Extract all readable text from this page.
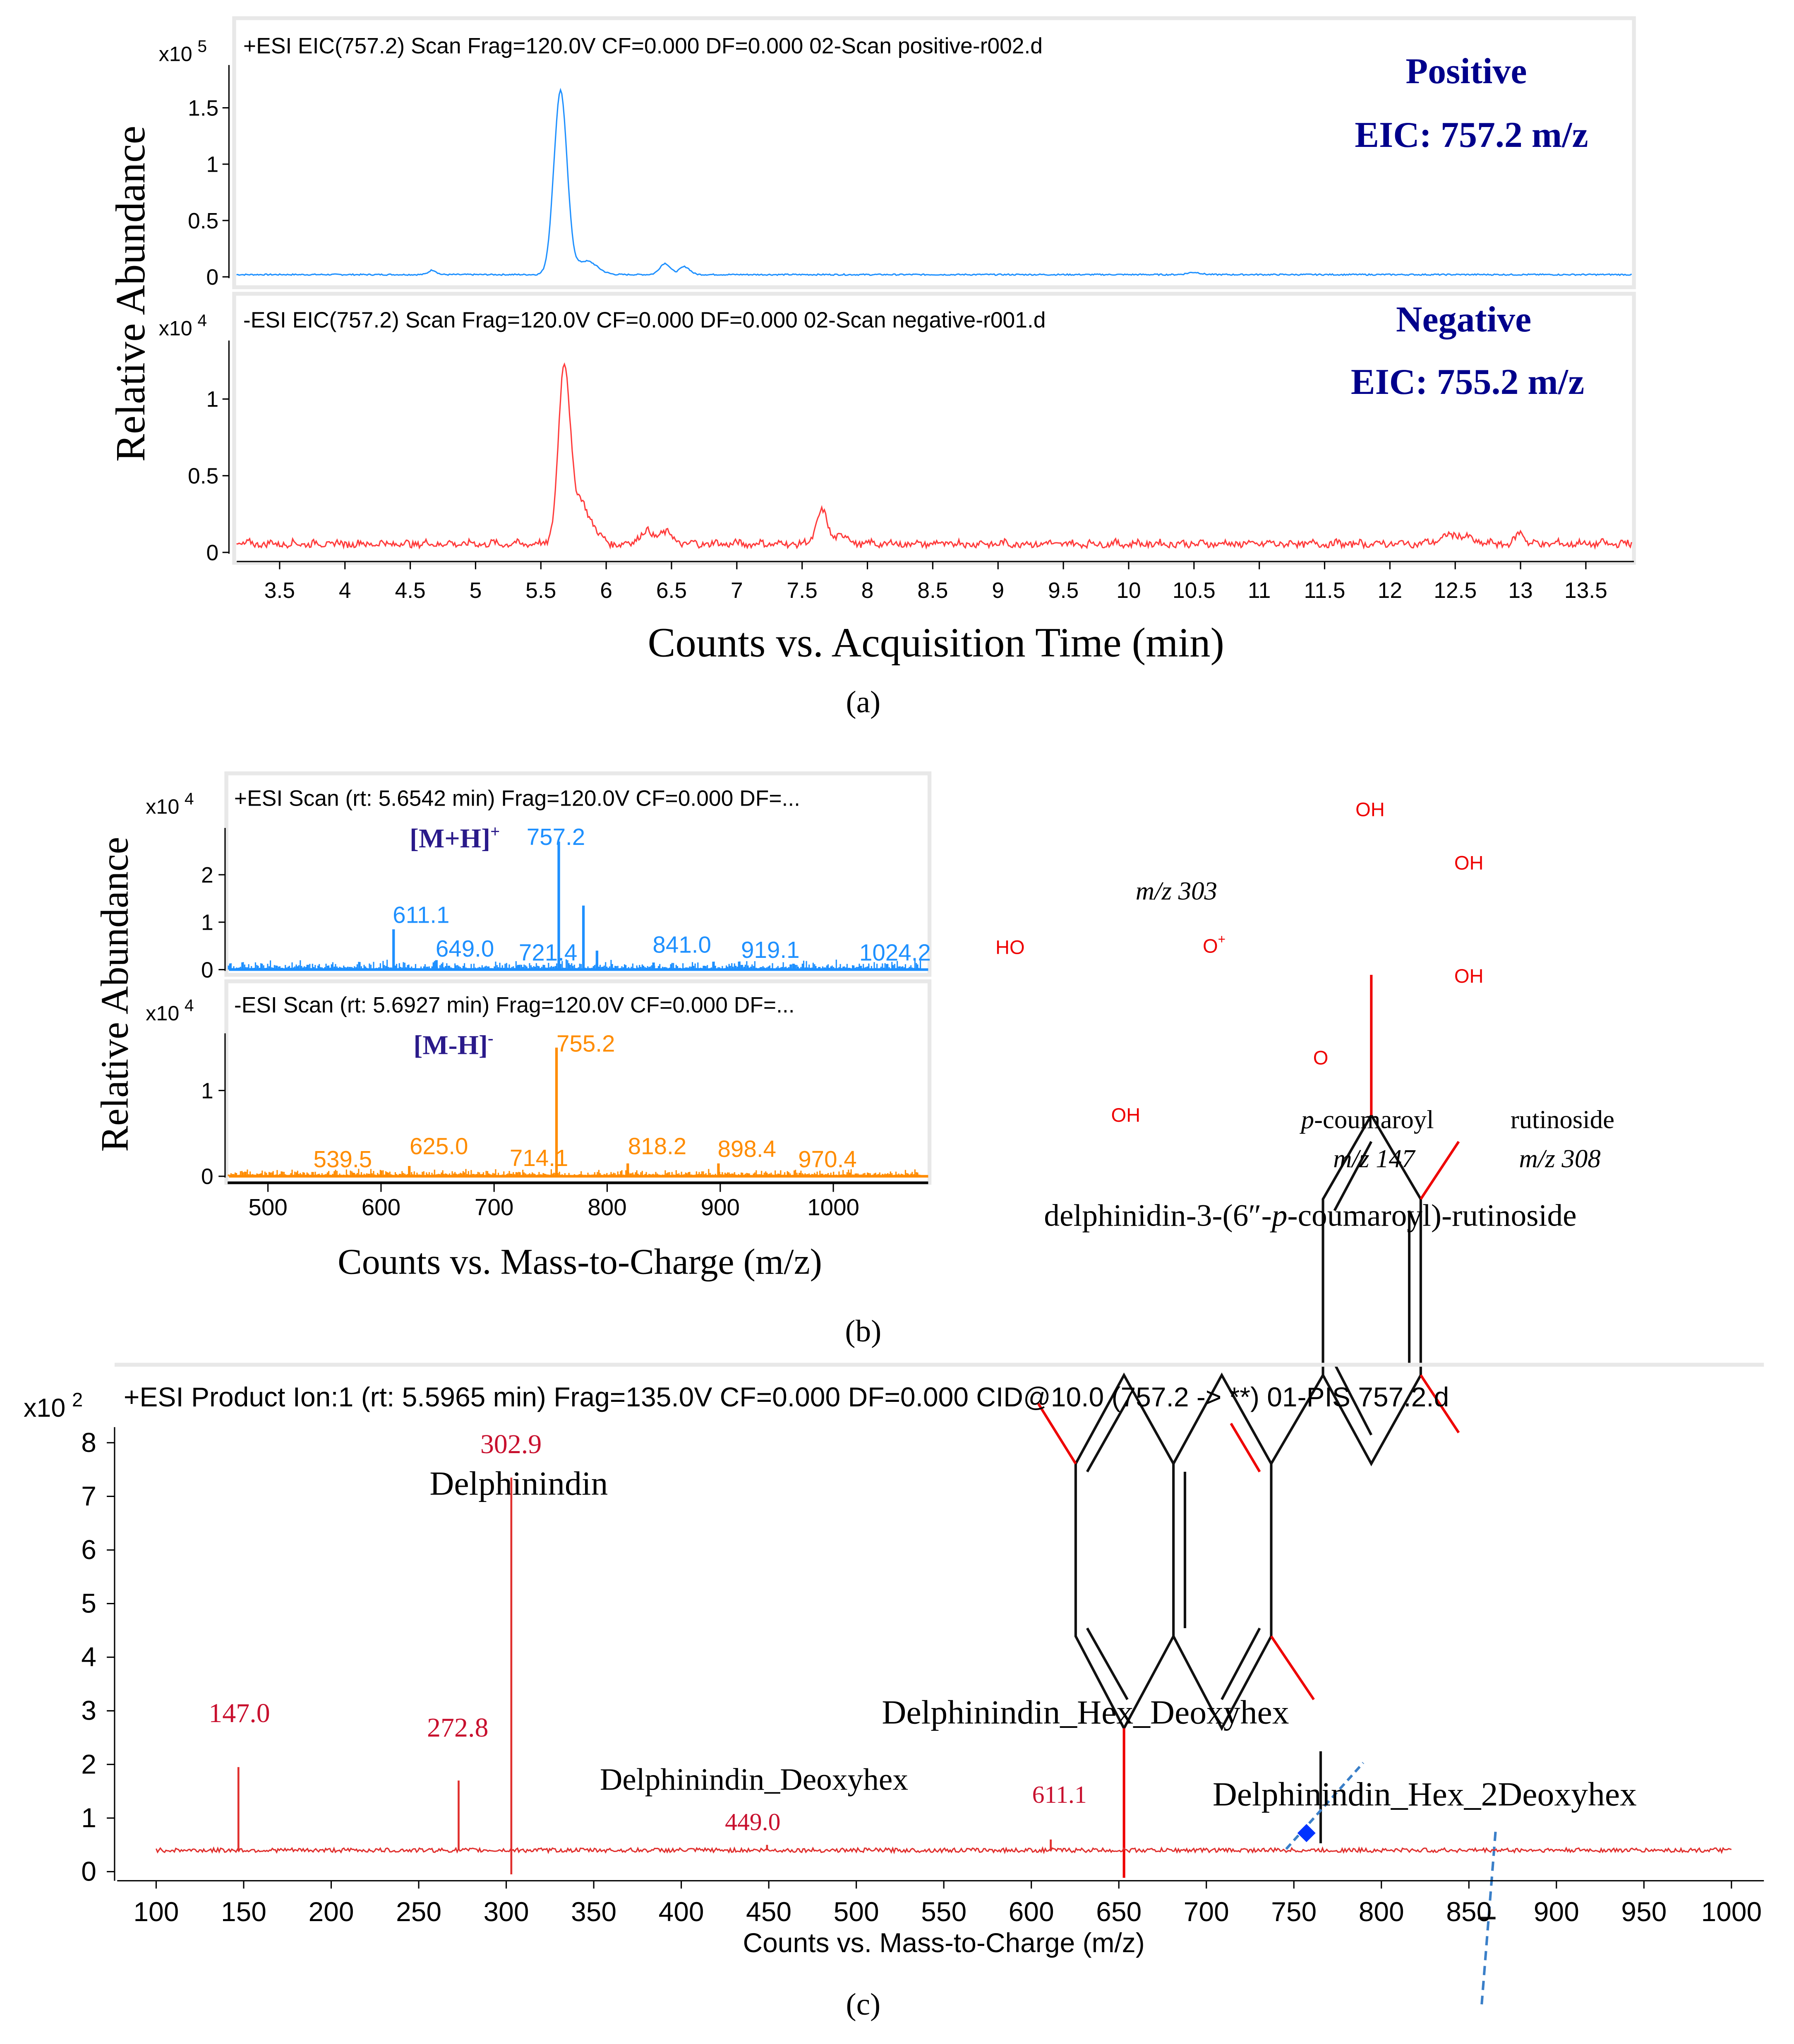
+ESI EIC(757.2) Scan Frag=120.0V CF=0.000 DF=0.000 02-Scan positive-r002.d
-ESI EIC(757.2) Scan Frag=120.0V CF=0.000 DF=0.000 02-Scan negative-r001.d
x10 $^5$
x10 $^4$
Positive
EIC: 757.2 m/z
Negative
EIC: 755.2 m/z
Relative Abundance
Counts vs. Acquisition Time (min)
(a)
3.5	4	4.5	5	5.5	6	6.5	7	7.5	8	8.5	9	9.5	10	10.5	11	11.5	12	12.5	13	13.5
0
0.5
1
1.5
0
0.5
1
+ESI Scan (rt: 5.6542 min) Frag=120.0V CF=0.000 DF=...
-ESI Scan (rt: 5.6927 min) Frag=120.0V CF=0.000 DF=...
x10 $^4$
x10 $^4$
[M+H]+
[M-H]-
Relative Abundance
Counts vs. Mass-to-Charge (m/z)
(b)
500	600	700	800	900	1000
0
1
2
757.2
611.1
649.0	721.4	841.0	919.1	1024.2
0
1
755.2
539.5	625.0	714.1	818.2	898.4	970.4
OH
OH
OH
HO
OH
O+
O
m/z 303
p-coumaroyl	rutinoside
m/z 147	m/z 308
delphinidin-3-(6″-p-coumaroyl)-rutinoside
+ESI Product Ion:1 (rt: 5.5965 min) Frag=135.0V CF=0.000 DF=0.000 CID@10.0 (757.2 -> **) 01-PIS 757.2.d
x10 $^2$
Counts vs. Mass-to-Charge (m/z)
(c)
302.9
147.0	272.8
449.0
611.1
Delphinindin
Delphinindin_Hex_Deoxyhex
Delphinindin_Deoxyhex	Delphinindin_Hex_2Deoxyhex
100	150	200	250	300	350	400	450	500	550	600	650	700	750	800	850	900	950	1000
0
1
2
3
4
5
6
7
8
